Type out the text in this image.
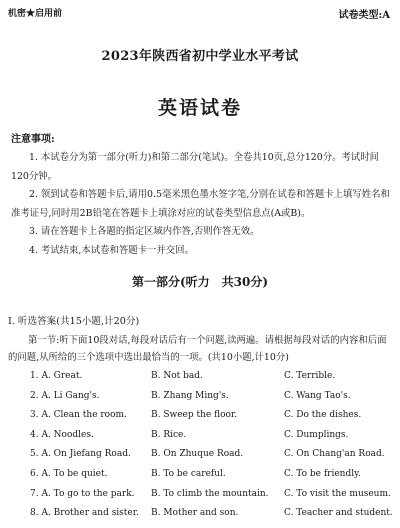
机密★启用前	试卷类型:A
2023年陕西省初中学业水平考试
英语试卷
注意事项:

1. 本试卷分为第一部分(听力)和第二部分(笔试)。全卷共10页,总分120分。考试时间120分钟。

2. 领到试卷和答题卡后,请用0.5毫米黑色墨水签字笔,分别在试卷和答题卡上填写姓名和准考证号,同时用2B铅笔在答题卡上填涂对应的试卷类型信息点(A或B)。

3. 请在答题卡上各题的指定区域内作答,否则作答无效。

4. 考试结束,本试卷和答题卡一并交回。

第一部分(听力　共30分)
Ⅰ. 听选答案(共15小题,计20分)
第一节:听下面10段对话,每段对话后有一个问题,读两遍。请根据每段对话的内容和后面的问题,从所给的三个选项中选出最恰当的一项。(共10小题,计10分)
1. A. Great.	B. Not bad.	C. Terrible.
2. A. Li Gang's.	B. Zhang Ming's.	C. Wang Tao's.
3. A. Clean the room.	B. Sweep the floor.	C. Do the dishes.
4. A. Noodles.	B. Rice.	C. Dumplings.
5. A. On Jiefang Road. B. On Zhuque Road.	C. On Chang'an Road.
6. A. To be quiet.	B. To be careful.	C. To be friendly.
7. A. To go to the park. B. To climb the mountain. C. To visit the museum.
8. A. Brother and sister. B. Mother and son.	C. Teacher and student.
